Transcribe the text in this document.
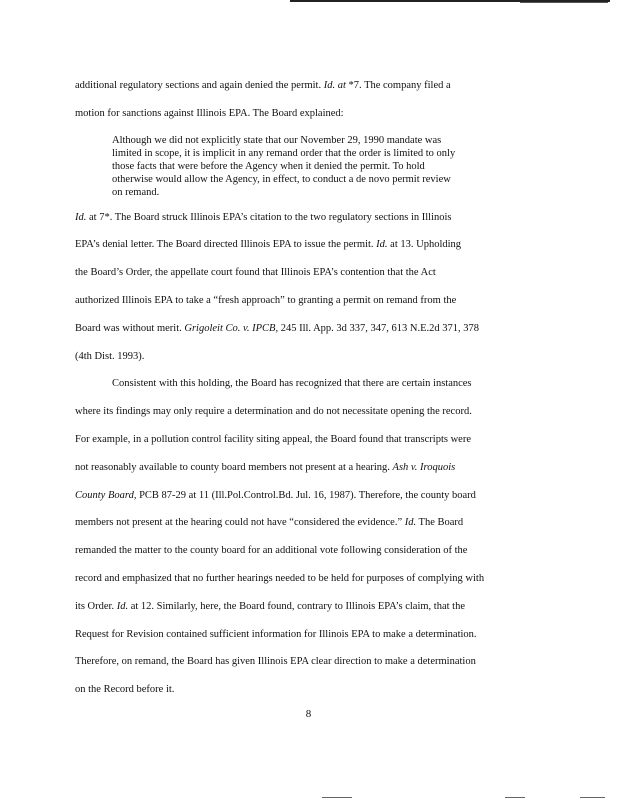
additional regulatory sections and again denied the permit. Id. at *7. The company filed a
motion for sanctions against Illinois EPA. The Board explained:
Although we did not explicitly state that our November 29, 1990 mandate was
limited in scope, it is implicit in any remand order that the order is limited to only
those facts that were before the Agency when it denied the permit. To hold
otherwise would allow the Agency, in effect, to conduct a de novo permit review
on remand.
Id. at 7*. The Board struck Illinois EPA’s citation to the two regulatory sections in Illinois
EPA’s denial letter. The Board directed Illinois EPA to issue the permit. Id. at 13. Upholding
the Board’s Order, the appellate court found that Illinois EPA’s contention that the Act
authorized Illinois EPA to take a “fresh approach” to granting a permit on remand from the
Board was without merit. Grigoleit Co. v. IPCB, 245 Ill. App. 3d 337, 347, 613 N.E.2d 371, 378
(4th Dist. 1993).
Consistent with this holding, the Board has recognized that there are certain instances
where its findings may only require a determination and do not necessitate opening the record.
For example, in a pollution control facility siting appeal, the Board found that transcripts were
not reasonably available to county board members not present at a hearing. Ash v. Iroquois
County Board, PCB 87-29 at 11 (Ill.Pol.Control.Bd. Jul. 16, 1987). Therefore, the county board
members not present at the hearing could not have “considered the evidence.” Id. The Board
remanded the matter to the county board for an additional vote following consideration of the
record and emphasized that no further hearings needed to be held for purposes of complying with
its Order. Id. at 12. Similarly, here, the Board found, contrary to Illinois EPA’s claim, that the
Request for Revision contained sufficient information for Illinois EPA to make a determination.
Therefore, on remand, the Board has given Illinois EPA clear direction to make a determination
on the Record before it.
8
